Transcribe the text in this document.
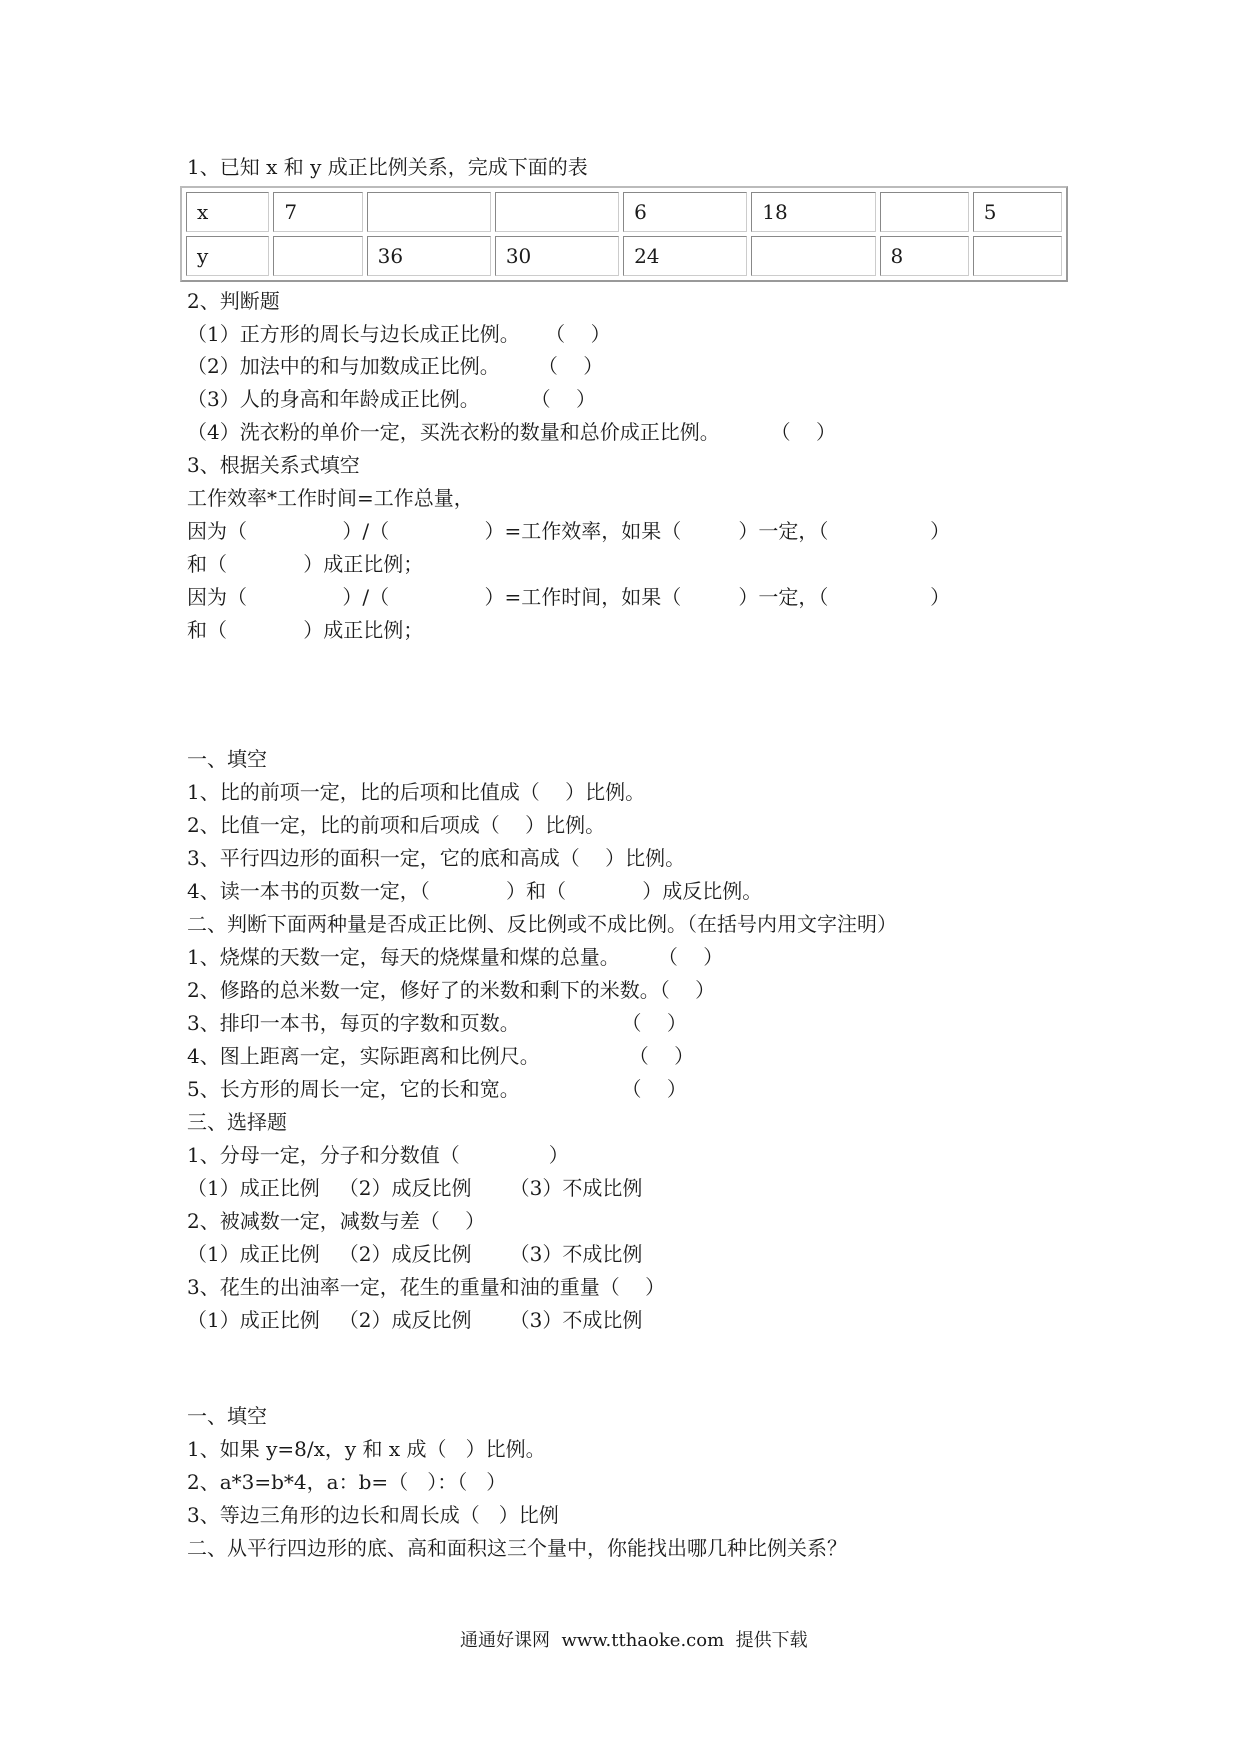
1、已知 x 和 y 成正比例关系，完成下面的表
x	7			6	18		5
y		36	30	24		8	
2、判断题
（1）正方形的周长与边长成正比例。    （    ）
（2）加法中的和与加数成正比例。      （    ）
（3）人的身高和年龄成正比例。        （    ）
（4）洗衣粉的单价一定，买洗衣粉的数量和总价成正比例。        （    ）
3、根据关系式填空
工作效率*工作时间=工作总量，
因为（               ）/（               ）=工作效率，如果（         ）一定，（                ）
和（            ）成正比例；
因为（               ）/（               ）=工作时间，如果（         ）一定，（                ）
和（            ）成正比例；
一、填空
1、比的前项一定，比的后项和比值成（    ）比例。
2、比值一定，比的前项和后项成（    ）比例。
3、平行四边形的面积一定，它的底和高成（    ）比例。
4、读一本书的页数一定，（            ）和（            ）成反比例。
二、判断下面两种量是否成正比例、反比例或不成比例。（在括号内用文字注明）
1、烧煤的天数一定，每天的烧煤量和煤的总量。      （    ）
2、修路的总米数一定，修好了的米数和剩下的米数。（    ）
3、排印一本书，每页的字数和页数。                （    ）
4、图上距离一定，实际距离和比例尺。              （    ）
5、长方形的周长一定，它的长和宽。                （    ）
三、选择题
1、分母一定，分子和分数值（              ）
（1）成正比例   （2）成反比例      （3）不成比例
2、被减数一定，减数与差（    ）
（1）成正比例   （2）成反比例      （3）不成比例
3、花生的出油率一定，花生的重量和油的重量（    ）
（1）成正比例   （2）成反比例      （3）不成比例
一、填空
1、如果 y=8/x，y 和 x 成（   ）比例。
2、a*3=b*4，a：b=（   ）：（   ）
3、等边三角形的边长和周长成（   ）比例
二、从平行四边形的底、高和面积这三个量中，你能找出哪几种比例关系？
通通好课网  www.tthaoke.com  提供下载
